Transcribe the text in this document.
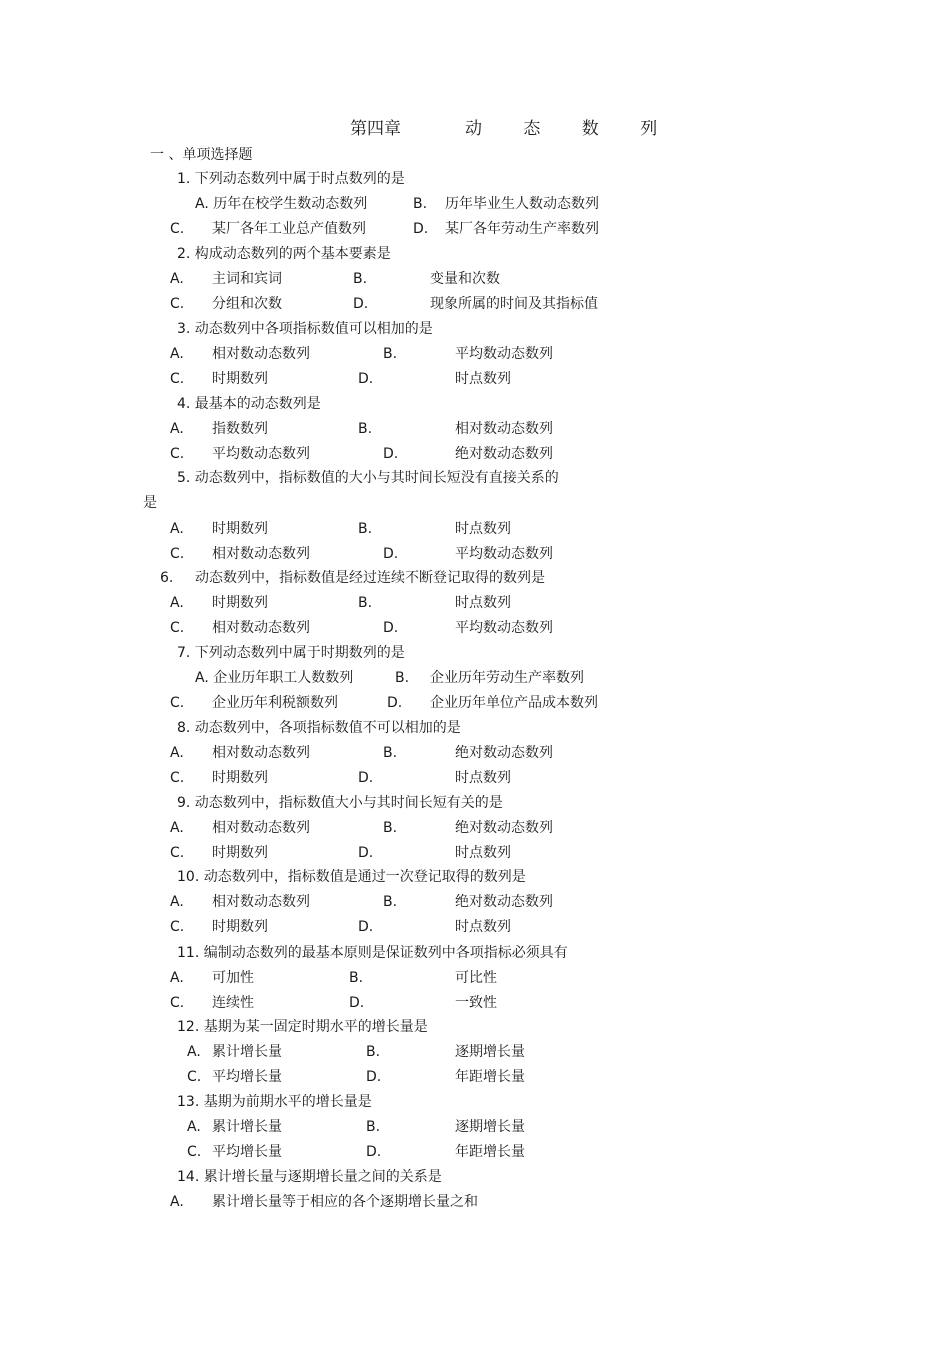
第四章	动 态 数 列
一 、单项选择题
1. 下列动态数列中属于时点数列的是
A. 历年在校学生数动态数列	B. 历年毕业生人数动态数列
C. 某厂各年工业总产值数列	D. 某厂各年劳动生产率数列
2. 构成动态数列的两个基本要素是
A. 主词和宾词	B.	变量和次数
C. 分组和次数	D.	现象所属的时间及其指标值
3. 动态数列中各项指标数值可以相加的是
A. 相对数动态数列	B.	平均数动态数列
C. 时期数列	D.	时点数列
4. 最基本的动态数列是
A. 指数数列	B.	相对数动态数列
C. 平均数动态数列	D.	绝对数动态数列
5. 动态数列中，指标数值的大小与其时间长短没有直接关系的
是
A. 时期数列	B.	时点数列
C. 相对数动态数列	D.	平均数动态数列
6. 动态数列中，指标数值是经过连续不断登记取得的数列是
A. 时期数列	B.	时点数列
C. 相对数动态数列	D.	平均数动态数列
7. 下列动态数列中属于时期数列的是
A. 企业历年职工人数数列	B. 企业历年劳动生产率数列
C. 企业历年利税额数列	D. 企业历年单位产品成本数列
8. 动态数列中，各项指标数值不可以相加的是
A. 相对数动态数列	B.	绝对数动态数列
C. 时期数列	D.	时点数列
9. 动态数列中，指标数值大小与其时间长短有关的是
A. 相对数动态数列	B.	绝对数动态数列
C. 时期数列	D.	时点数列
10. 动态数列中，指标数值是通过一次登记取得的数列是
A. 相对数动态数列	B.	绝对数动态数列
C. 时期数列	D.	时点数列
11. 编制动态数列的最基本原则是保证数列中各项指标必须具有
A. 可加性	B.	可比性
C. 连续性	D.	一致性
12. 基期为某一固定时期水平的增长量是
A. 累计增长量	B.	逐期增长量
C. 平均增长量	D.	年距增长量
13. 基期为前期水平的增长量是
A. 累计增长量	B.	逐期增长量
C. 平均增长量	D.	年距增长量
14. 累计增长量与逐期增长量之间的关系是
A. 累计增长量等于相应的各个逐期增长量之和
